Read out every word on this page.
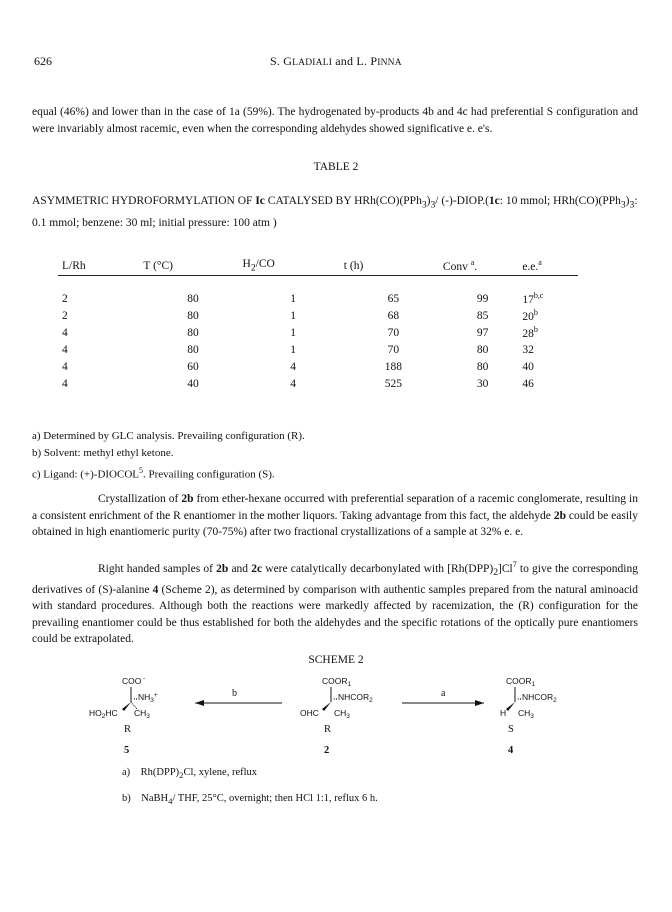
626	S. GLADIALI and L. PINNA
equal (46%) and lower than in the case of 1a (59%). The hydrogenated by-products 4b and 4c had preferential S configuration and were invariably almost racemic, even when the corresponding aldehydes showed significative e. e's.
TABLE 2
ASYMMETRIC HYDROFORMYLATION OF Ic CATALYSED BY $HRh(CO)(PPh_3)_3/$ (-)-DIOP.(1c: 10 mmol; $HRh(CO)(PPh_3)_3$: 0.1 mmol; benzene: 30 ml; initial pressure: 100 atm )
L/Rh	T (°C)	$H_2/CO$	t (h)	Conv $^a$.	e.e.$^a$

2	80	1	65	99	17$^{b,c}$
2	80	1	68	85	20$^b$
4	80	1	70	97	28$^b$
4	80	1	70	80	32
4	60	4	188	80	40
4	40	4	525	30	46
a) Determined by GLC analysis. Prevailing configuration (R).
b) Solvent: methyl ethyl ketone.
c) Ligand: $(+)-DIOCOL^5$. Prevailing configuration (S).
Crystallization of 2b from ether-hexane occurred with preferential separation of a racemic conglomerate, resulting in a consistent enrichment of the R enantiomer in the mother liquors. Taking advantage from this fact, the aldehyde 2b could be easily obtained in high enantiomeric purity (70-75%) after two fractional crystallizations of a sample at 32% e. e.
Right handed samples of 2b and 2c were catalytically decarbonylated with $[Rh(DPP)_2]Cl^7$ to give the corresponding derivatives of (S)-alanine 4 (Scheme 2), as determined by comparison with authentic samples prepared from the natural aminoacid with standard procedures. Although both the reactions were markedly affected by racemization, the (R) configuration for the prevailing enantiomer could be thus established for both the aldehydes and the specific rotations of the optically pure enantiomers could be extrapolated.
SCHEME 2
COO -
,, $NH_3^+$
$HO_2HC$ $CH_3$
b
$COOR_1$
,, $NHCOR_2$
OHC $CH_3$
a
$COOR_1$
,, $NHCOR_2$
H $CH_3$
R	R	S
5	2	4
a)    $Rh(DPP)_2Cl$, xylene, reflux
b)    NaBH$_4$/ THF, 25°C, overnight; then HCl 1:1, reflux 6 h.
